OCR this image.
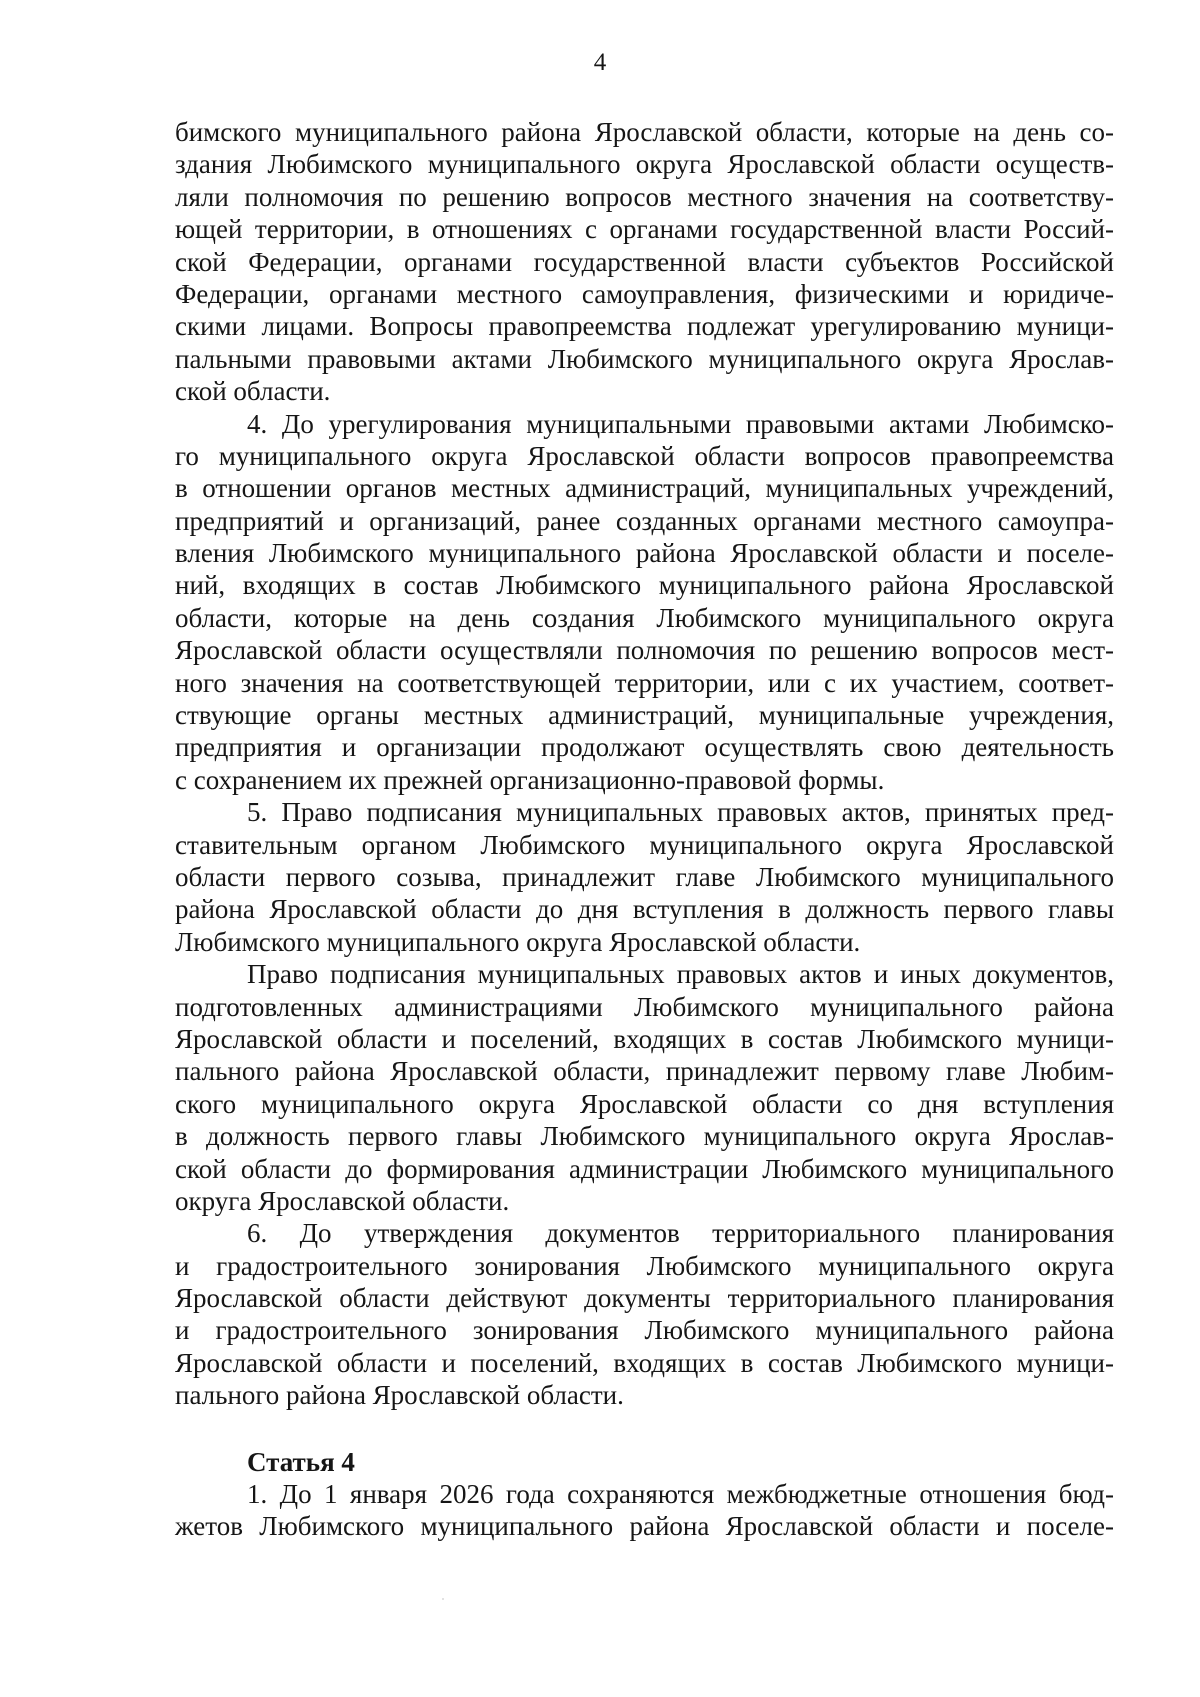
4
бимского муниципального района Ярославской области, которые на день со-
здания Любимского муниципального округа Ярославской области осуществ-
ляли полномочия по решению вопросов местного значения на соответству-
ющей территории, в отношениях с органами государственной власти Россий-
ской Федерации, органами государственной власти субъектов Российской
Федерации, органами местного самоуправления, физическими и юридиче-
скими лицами. Вопросы правопреемства подлежат урегулированию муници-
пальными правовыми актами Любимского муниципального округа Ярослав-
ской области.
4. До урегулирования муниципальными правовыми актами Любимско-
го муниципального округа Ярославской области вопросов правопреемства
в отношении органов местных администраций, муниципальных учреждений,
предприятий и организаций, ранее созданных органами местного самоупра-
вления Любимского муниципального района Ярославской области и поселе-
ний, входящих в состав Любимского муниципального района Ярославской
области, которые на день создания Любимского муниципального округа
Ярославской области осуществляли полномочия по решению вопросов мест-
ного значения на соответствующей территории, или с их участием, соответ-
ствующие органы местных администраций, муниципальные учреждения,
предприятия и организации продолжают осуществлять свою деятельность
с сохранением их прежней организационно-правовой формы.
5. Право подписания муниципальных правовых актов, принятых пред-
ставительным органом Любимского муниципального округа Ярославской
области первого созыва, принадлежит главе Любимского муниципального
района Ярославской области до дня вступления в должность первого главы
Любимского муниципального округа Ярославской области.
Право подписания муниципальных правовых актов и иных документов,
подготовленных администрациями Любимского муниципального района
Ярославской области и поселений, входящих в состав Любимского муници-
пального района Ярославской области, принадлежит первому главе Любим-
ского муниципального округа Ярославской области со дня вступления
в должность первого главы Любимского муниципального округа Ярослав-
ской области до формирования администрации Любимского муниципального
округа Ярославской области.
6. До утверждения документов территориального планирования
и градостроительного зонирования Любимского муниципального округа
Ярославской области действуют документы территориального планирования
и градостроительного зонирования Любимского муниципального района
Ярославской области и поселений, входящих в состав Любимского муници-
пального района Ярославской области.
Статья 4
1. До 1 января 2026 года сохраняются межбюджетные отношения бюд-
жетов Любимского муниципального района Ярославской области и поселе-
